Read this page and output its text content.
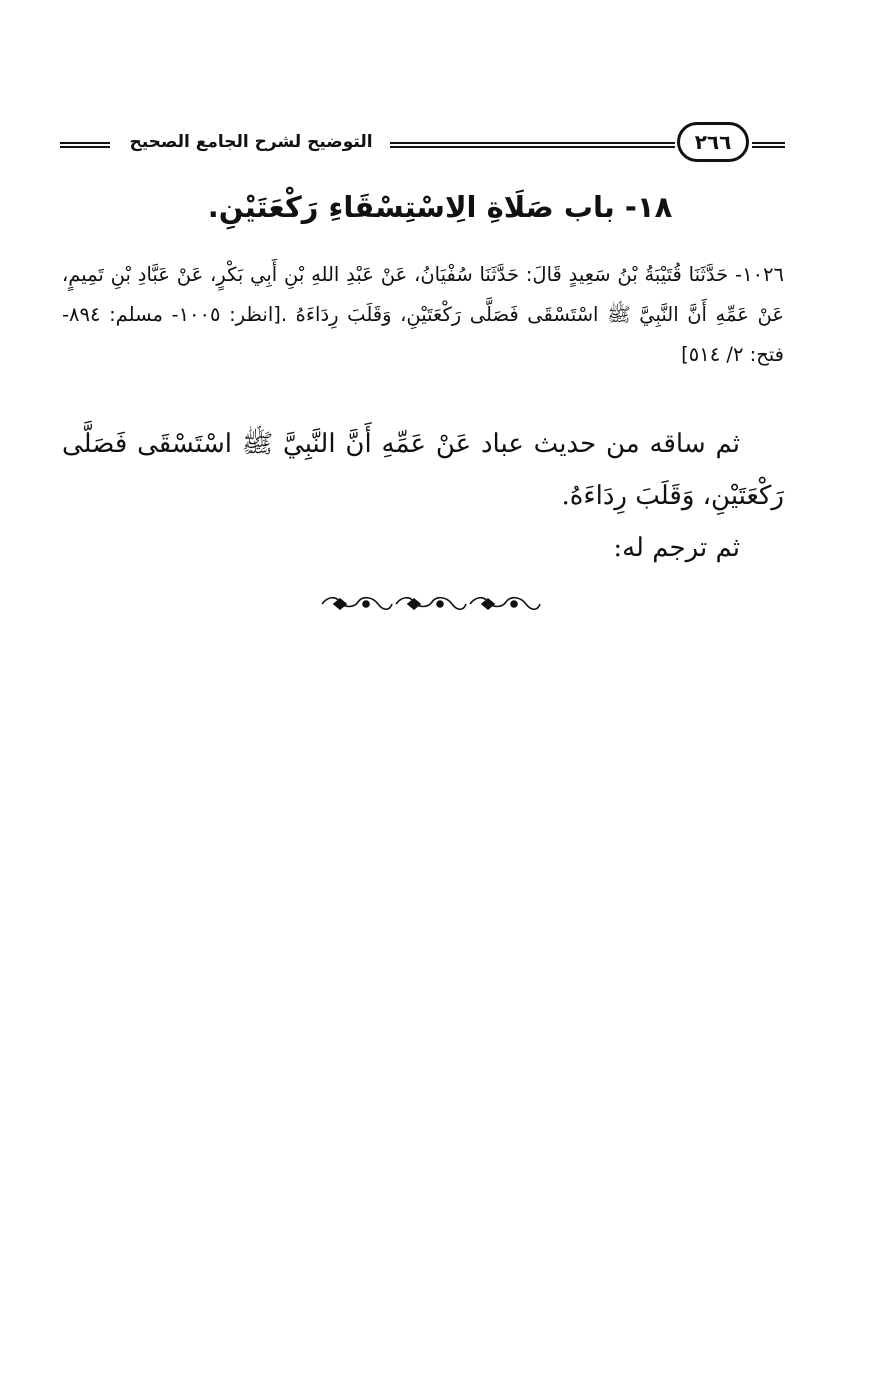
التوضيح لشرح الجامع الصحيح	٢٦٦
١٨- باب صَلَاةِ الِاسْتِسْقَاءِ رَكْعَتَيْنِ.

١٠٢٦- حَدَّثَنَا قُتَيْبَةُ بْنُ سَعِيدٍ قَالَ: حَدَّثَنَا سُفْيَانُ، عَنْ عَبْدِ اللهِ بْنِ أَبِي بَكْرٍ، عَنْ عَبَّادِ بْنِ تَمِيمٍ، عَنْ عَمِّهِ أَنَّ النَّبِيَّ ﷺ اسْتَسْقَى فَصَلَّى رَكْعَتَيْنِ، وَقَلَبَ رِدَاءَهُ .[انظر: ١٠٠٥- مسلم: ٨٩٤- فتح: ٢/ ٥١٤]

ثم ساقه من حديث عباد عَنْ عَمِّهِ أَنَّ النَّبِيَّ ﷺ اسْتَسْقَى فَصَلَّى رَكْعَتَيْنِ، وَقَلَبَ رِدَاءَهُ.

ثم ترجم له:
